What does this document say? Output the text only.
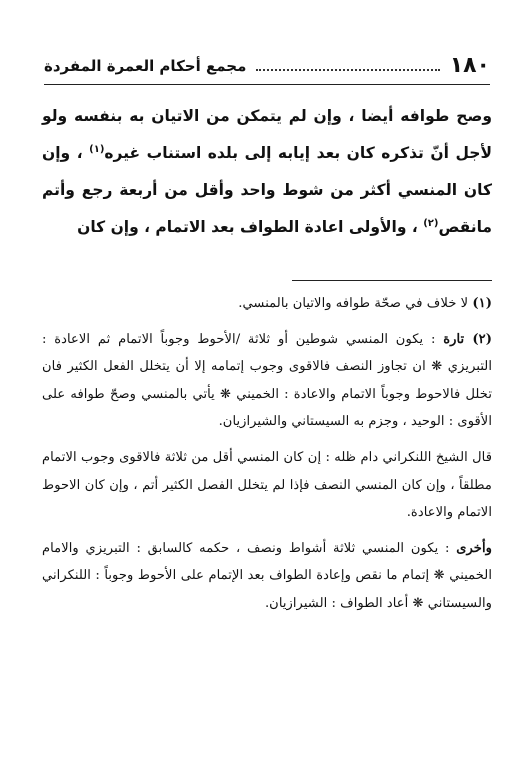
١٨٠
مجمع أحكام العمرة المفردة
وصح طوافه أيضا ، وإن لم يتمكن من الاتيان به بنفسه ولو لأجل أنّ تذكره كان بعد إيابه إلى بلده استناب غيره$^{(١)}$ ، وإن كان المنسي أكثر من شوط واحد وأقل من أربعة رجع وأتم مانقص$^{(٢)}$ ، والأولى اعادة الطواف بعد الاتمام ، وإن كان

(١) لا خلاف في صحّة طوافه والاتيان بالمنسي.

(٢) تارة : يكون المنسي شوطين أو ثلاثة /الأحوط وجوباً الاتمام ثم الاعادة : التبريزي ❋ ان تجاوز النصف فالاقوى وجوب إتمامه إلا أن يتخلل الفعل الكثير فان تخلل فالاحوط وجوباً الاتمام والاعادة : الخميني ❋ يأتي بالمنسي وصحّ طوافه على الأقوى : الوحيد ، وجزم به السيستاني والشيرازيان.

قال الشيخ اللنكراني دام ظله : إن كان المنسي أقل من ثلاثة فالاقوى وجوب الاتمام مطلقاً ، وإن كان المنسي النصف فإذا لم يتخلل الفصل الكثير أتم ، وإن كان الاحوط الاتمام والاعادة.

وأخرى : يكون المنسي ثلاثة أشواط ونصف ، حكمه كالسابق : التبريزي والامام الخميني ❋ إتمام ما نقص وإعادة الطواف بعد الإتمام على الأحوط وجوباً : اللنكراني والسيستاني ❋ أعاد الطواف : الشيرازيان.
